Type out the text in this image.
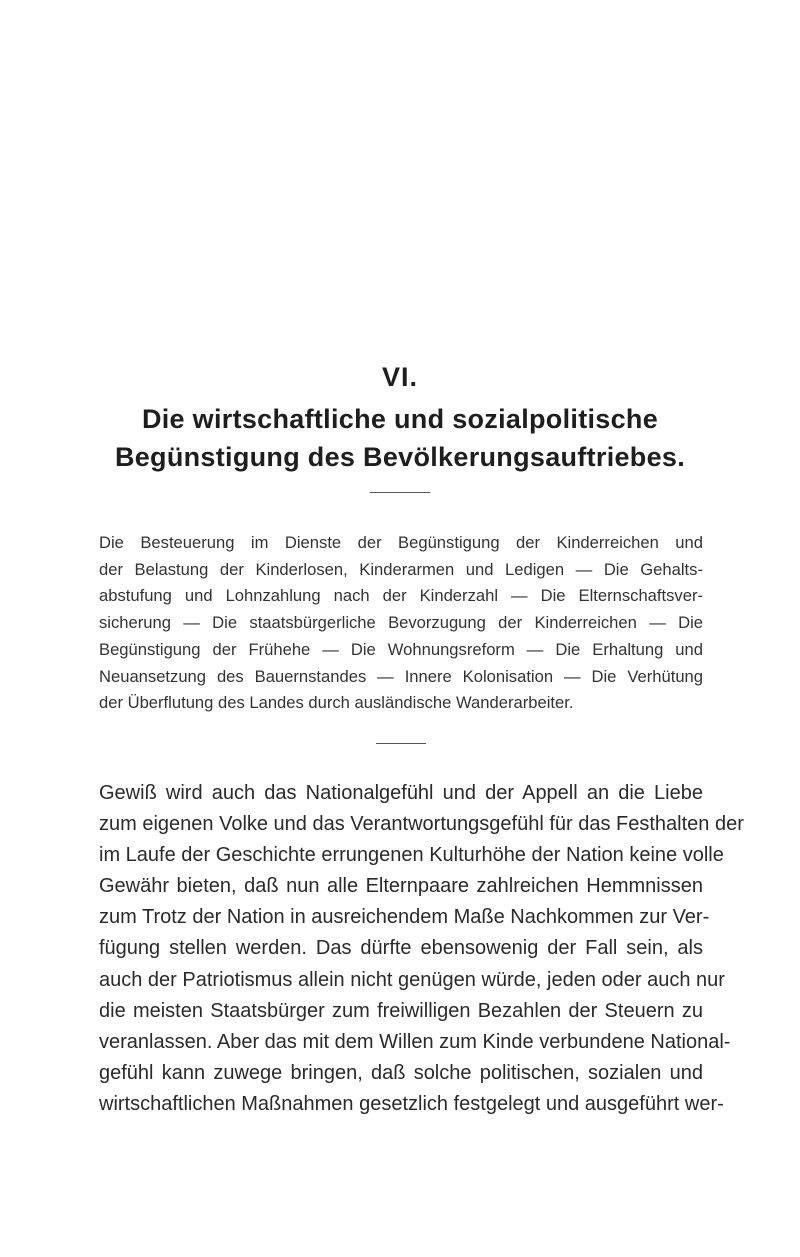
VI.
Die wirtschaftliche und sozialpolitische
Begünstigung des Bevölkerungsauftriebes.
Die Besteuerung im Dienste der Begünstigung der Kinderreichen und
der Belastung der Kinderlosen, Kinderarmen und Ledigen — Die Gehalts-
abstufung und Lohnzahlung nach der Kinderzahl — Die Elternschaftsver-
sicherung — Die staatsbürgerliche Bevorzugung der Kinderreichen — Die
Begünstigung der Frühehe — Die Wohnungsreform — Die Erhaltung und
Neuansetzung des Bauernstandes — Innere Kolonisation — Die Verhütung
der Überflutung des Landes durch ausländische Wanderarbeiter.
Gewiß wird auch das Nationalgefühl und der Appell an die Liebe
zum eigenen Volke und das Verantwortungsgefühl für das Festhalten der
im Laufe der Geschichte errungenen Kulturhöhe der Nation keine volle
Gewähr bieten, daß nun alle Elternpaare zahlreichen Hemmnissen
zum Trotz der Nation in ausreichendem Maße Nachkommen zur Ver-
fügung stellen werden. Das dürfte ebensowenig der Fall sein, als
auch der Patriotismus allein nicht genügen würde, jeden oder auch nur
die meisten Staatsbürger zum freiwilligen Bezahlen der Steuern zu
veranlassen. Aber das mit dem Willen zum Kinde verbundene National-
gefühl kann zuwege bringen, daß solche politischen, sozialen und
wirtschaftlichen Maßnahmen gesetzlich festgelegt und ausgeführt wer-
